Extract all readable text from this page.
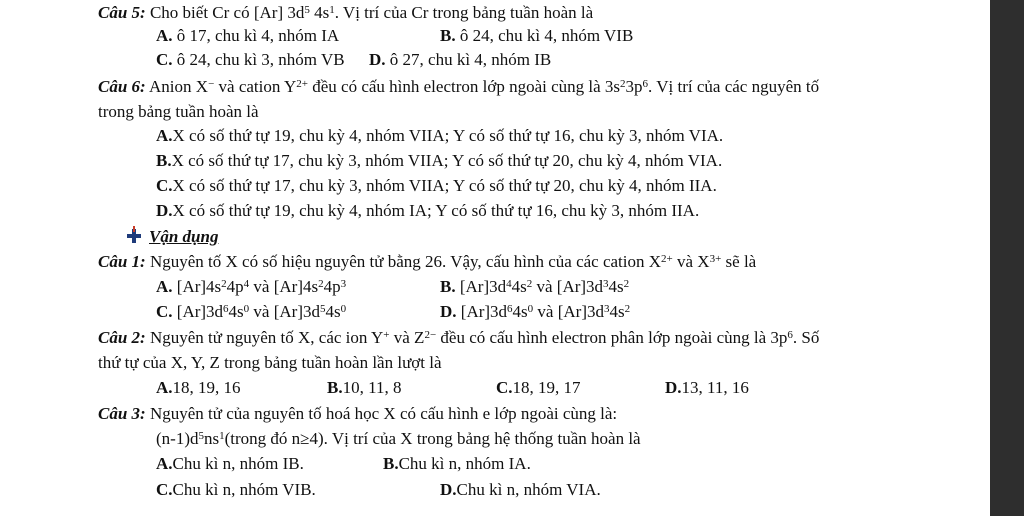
Câu 5: Cho biết Cr có [Ar] $3d^5$ $4s^1$. Vị trí của Cr trong bảng tuần hoàn là
A. ô 17, chu kì 4, nhóm IA	B. ô 24, chu kì 4, nhóm VIB
C. ô 24, chu kì 3, nhóm VB D. ô 27, chu kì 4, nhóm IB
Câu 6: Anion X− và cation $Y^{2+}$ đều có cấu hình electron lớp ngoài cùng là $3s^23p^6$. Vị trí của các nguyên tố
trong bảng tuần hoàn là
A.X có số thứ tự 19, chu kỳ 4, nhóm VIIA; Y có số thứ tự 16, chu kỳ 3, nhóm VIA.
B.X có số thứ tự 17, chu kỳ 3, nhóm VIIA; Y có số thứ tự 20, chu kỳ 4, nhóm VIA.
C.X có số thứ tự 17, chu kỳ 3, nhóm VIIA; Y có số thứ tự 20, chu kỳ 4, nhóm IIA.
D.X có số thứ tự 19, chu kỳ 4, nhóm IA; Y có số thứ tự 16, chu kỳ 3, nhóm IIA.
Vận dụng
Câu 1: Nguyên tố X có số hiệu nguyên tử bằng 26. Vậy, cấu hình của các cation $X^{2+}$ và $X^{3+}$ sẽ là
A. $[Ar]4s^24p^4$ và $[Ar]4s^24p^3$	B. $[Ar]3d^44s^2$ và $[Ar]3d^34s^2$
C. $[Ar]3d^64s^0$ và $[Ar]3d^54s^0$	D. $[Ar]3d^64s^0$ và $[Ar]3d^34s^2$
Câu 2: Nguyên tử nguyên tố X, các ion Y+ và $Z^{2-}$ đều có cấu hình electron phân lớp ngoài cùng là $3p^6$. Số
thứ tự của X, Y, Z trong bảng tuần hoàn lần lượt là
A.18, 19, 16	B.10, 11, 8	C.18, 19, 17	D.13, 11, 16
Câu 3: Nguyên tử của nguyên tố hoá học X có cấu hình e lớp ngoài cùng là:
$(n-1)d^5ns^1(trong$ đó n≥4). Vị trí của X trong bảng hệ thống tuần hoàn là
A.Chu kì n, nhóm IB.	B.Chu kì n, nhóm IA.
C.Chu kì n, nhóm VIB.	D.Chu kì n, nhóm VIA.
